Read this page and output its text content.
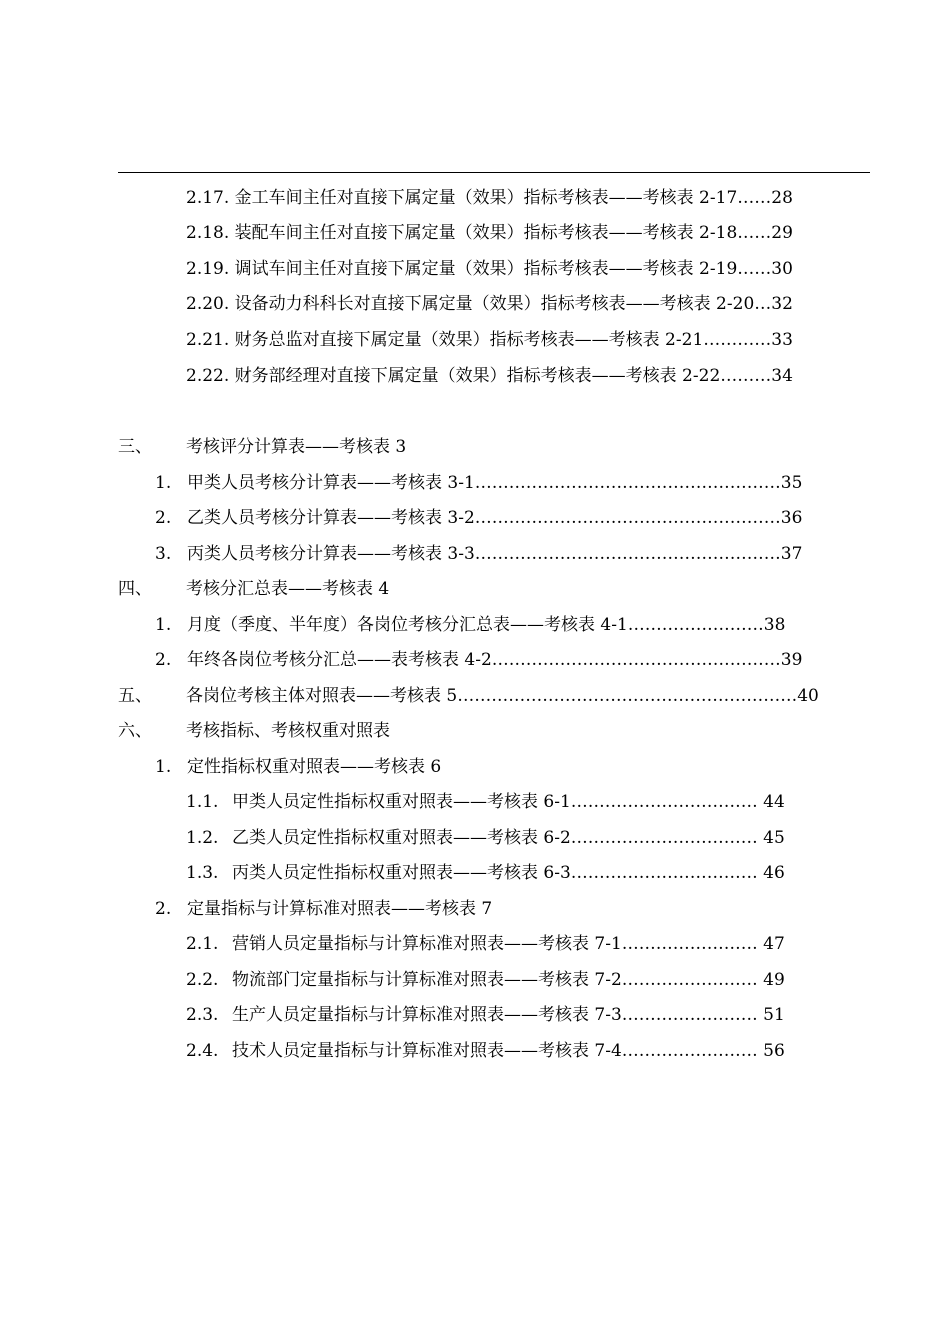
2.17. 金工车间主任对直接下属定量（效果）指标考核表——考核表 2-17……28
2.18. 装配车间主任对直接下属定量（效果）指标考核表——考核表 2-18……29
2.19. 调试车间主任对直接下属定量（效果）指标考核表——考核表 2-19……30
2.20. 设备动力科科长对直接下属定量（效果）指标考核表——考核表 2-20…32
2.21. 财务总监对直接下属定量（效果）指标考核表——考核表 2-21…………33
2.22. 财务部经理对直接下属定量（效果）指标考核表——考核表 2-22………34
三、 考核评分计算表——考核表 3
1. 甲类人员考核分计算表——考核表 3-1………………………………………………35
2. 乙类人员考核分计算表——考核表 3-2………………………………………………36
3. 丙类人员考核分计算表——考核表 3-3………………………………………………37
四、 考核分汇总表——考核表 4
1. 月度（季度、半年度）各岗位考核分汇总表——考核表 4-1……………………38
2. 年终各岗位考核分汇总——表考核表 4-2……………………………………………39
五、 各岗位考核主体对照表——考核表 5……………………………………………………40
六、 考核指标、考核权重对照表
1. 定性指标权重对照表——考核表 6
1.1. 甲类人员定性指标权重对照表——考核表 6-1…………………………… 44
1.2. 乙类人员定性指标权重对照表——考核表 6-2…………………………… 45
1.3. 丙类人员定性指标权重对照表——考核表 6-3…………………………… 46
2. 定量指标与计算标准对照表——考核表 7
2.1. 营销人员定量指标与计算标准对照表——考核表 7-1…………………… 47
2.2. 物流部门定量指标与计算标准对照表——考核表 7-2…………………… 49
2.3. 生产人员定量指标与计算标准对照表——考核表 7-3…………………… 51
2.4. 技术人员定量指标与计算标准对照表——考核表 7-4…………………… 56
